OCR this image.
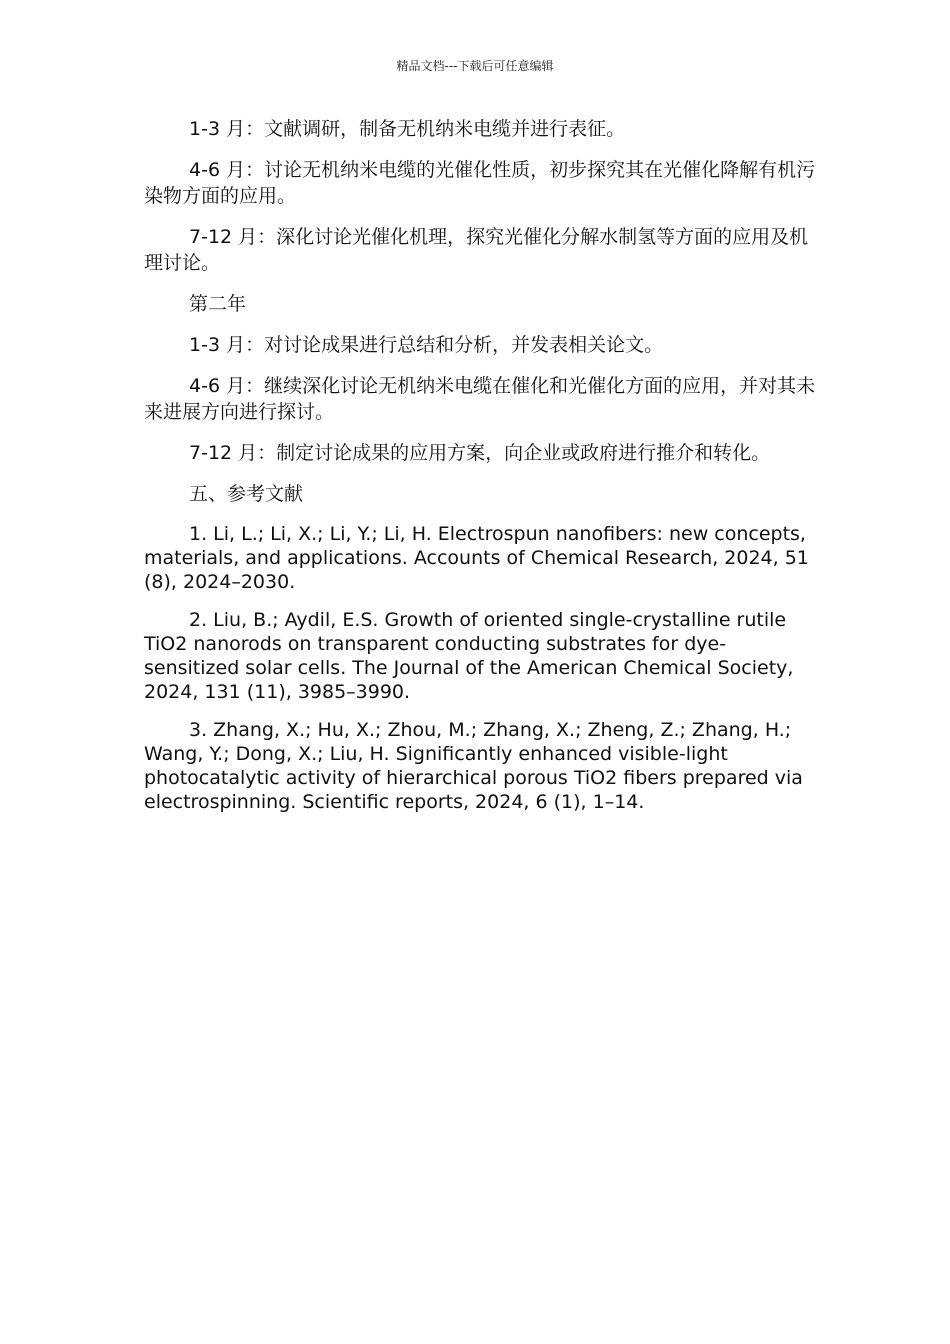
精品文档---下载后可任意编辑

1-3 月：文献调研，制备无机纳米电缆并进行表征。

4-6 月：讨论无机纳米电缆的光催化性质，初步探究其在光催化降解有机污染物方面的应用。

7-12 月：深化讨论光催化机理，探究光催化分解水制氢等方面的应用及机理讨论。

第二年

1-3 月：对讨论成果进行总结和分析，并发表相关论文。

4-6 月：继续深化讨论无机纳米电缆在催化和光催化方面的应用，并对其未来进展方向进行探讨。

7-12 月：制定讨论成果的应用方案，向企业或政府进行推介和转化。

五、参考文献

1. Li, L.; Li, X.; Li, Y.; Li, H. Electrospun nanofibers: new concepts, materials, and applications. Accounts of Chemical Research, 2024, 51 (8), 2024–2030.

2. Liu, B.; Aydil, E.S. Growth of oriented single-crystalline rutile TiO2 nanorods on transparent conducting substrates for dye-sensitized solar cells. The Journal of the American Chemical Society, 2024, 131 (11), 3985–3990.

3. Zhang, X.; Hu, X.; Zhou, M.; Zhang, X.; Zheng, Z.; Zhang, H.; Wang, Y.; Dong, X.; Liu, H. Significantly enhanced visible-light photocatalytic activity of hierarchical porous TiO2 fibers prepared via electrospinning. Scientific reports, 2024, 6 (1), 1–14.
